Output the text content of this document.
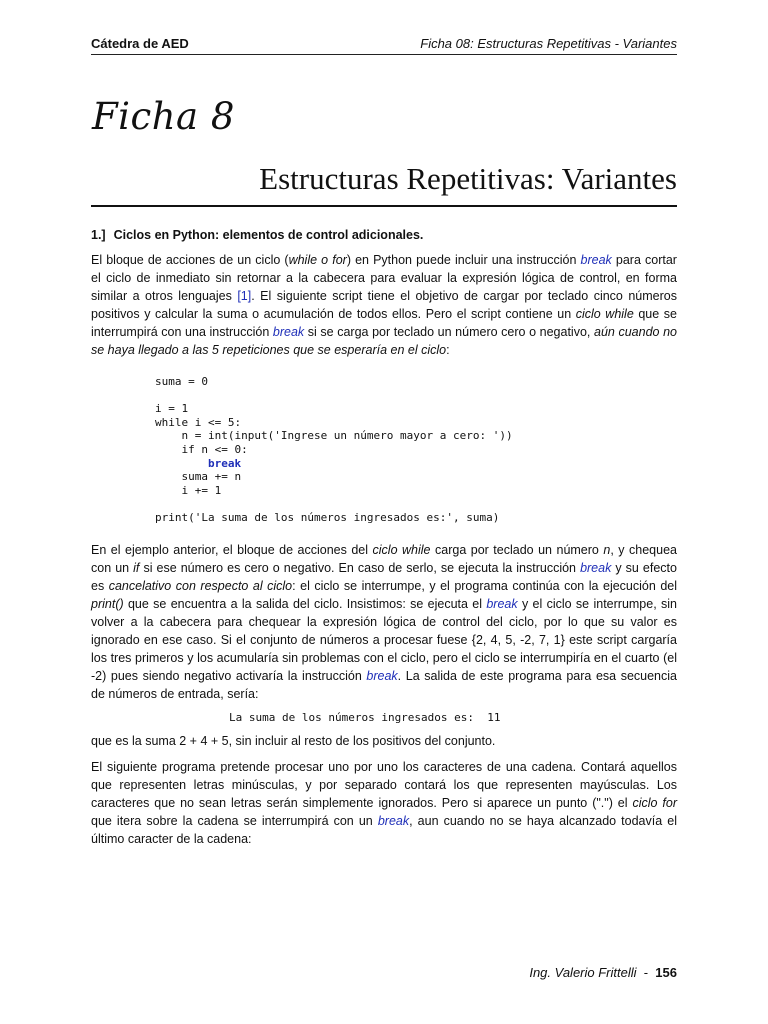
Cátedra de AED	Ficha 08: Estructuras Repetitivas - Variantes
Ficha 8
Estructuras Repetitivas: Variantes
1.] Ciclos en Python: elementos de control adicionales.

El bloque de acciones de un ciclo (while o for) en Python puede incluir una instrucción break para cortar el ciclo de inmediato sin retornar a la cabecera para evaluar la expresión lógica de control, en forma similar a otros lenguajes [1]. El siguiente script tiene el objetivo de cargar por teclado cinco números positivos y calcular la suma o acumulación de todos ellos. Pero el script contiene un ciclo while que se interrumpirá con una instrucción break si se carga por teclado un número cero o negativo, aún cuando no se haya llegado a las 5 repeticiones que se esperaría en el ciclo:

suma = 0

i = 1
while i <= 5:
n = int(input('Ingrese un número mayor a cero: '))
if n <= 0:
break
suma += n
i += 1

print('La suma de los números ingresados es:', suma)

En el ejemplo anterior, el bloque de acciones del ciclo while carga por teclado un número n, y chequea con un if si ese número es cero o negativo. En caso de serlo, se ejecuta la instrucción break y su efecto es cancelativo con respecto al ciclo: el ciclo se interrumpe, y el programa continúa con la ejecución del print() que se encuentra a la salida del ciclo. Insistimos: se ejecuta el break y el ciclo se interrumpe, sin volver a la cabecera para chequear la expresión lógica de control del ciclo, por lo que su valor es ignorado en ese caso. Si el conjunto de números a procesar fuese {2, 4, 5, -2, 7, 1} este script cargaría los tres primeros y los acumularía sin problemas con el ciclo, pero el ciclo se interrumpiría en el cuarto (el -2) pues siendo negativo activaría la instrucción break. La salida de este programa para esa secuencia de números de entrada, sería:

La suma de los números ingresados es:  11

que es la suma 2 + 4 + 5, sin incluir al resto de los positivos del conjunto.

El siguiente programa pretende procesar uno por uno los caracteres de una cadena. Contará aquellos que representen letras minúsculas, y por separado contará los que representen mayúsculas. Los caracteres que no sean letras serán simplemente ignorados. Pero si aparece un punto (".") el ciclo for que itera sobre la cadena se interrumpirá con un break, aun cuando no se haya alcanzado todavía el último caracter de la cadena:

Ing. Valerio Frittelli  -  156
